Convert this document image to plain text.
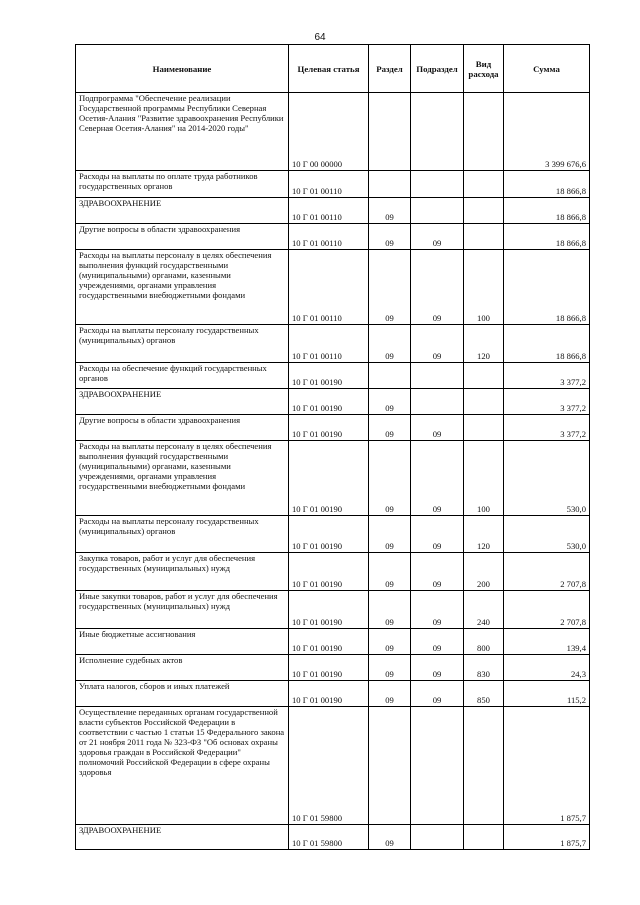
64
Наименование	Целевая статья	Раздел	Подраздел	Вид расхода	Сумма
Подпрограмма "Обеспечение реализации Государственной программы Республики Северная Осетия-Алания "Развитие здравоохранения Республики Северная Осетия-Алания" на 2014-2020 годы"	10 Г 00 00000				3 399 676,6
Расходы на выплаты по оплате труда работников государственных органов	10 Г 01 00110				18 866,8
ЗДРАВООХРАНЕНИЕ	10 Г 01 00110	09			18 866,8
Другие вопросы в области здравоохранения	10 Г 01 00110	09	09		18 866,8
Расходы на выплаты персоналу в целях обеспечения выполнения функций государственными (муниципальными) органами, казенными учреждениями, органами управления государственными внебюджетными фондами	10 Г 01 00110	09	09	100	18 866,8
Расходы на выплаты персоналу государственных (муниципальных) органов	10 Г 01 00110	09	09	120	18 866,8
Расходы на обеспечение функций государственных органов	10 Г 01 00190				3 377,2
ЗДРАВООХРАНЕНИЕ	10 Г 01 00190	09			3 377,2
Другие вопросы в области здравоохранения	10 Г 01 00190	09	09		3 377,2
Расходы на выплаты персоналу в целях обеспечения выполнения функций государственными (муниципальными) органами, казенными учреждениями, органами управления государственными внебюджетными фондами	10 Г 01 00190	09	09	100	530,0
Расходы на выплаты персоналу государственных (муниципальных) органов	10 Г 01 00190	09	09	120	530,0
Закупка товаров, работ и услуг для обеспечения государственных (муниципальных) нужд	10 Г 01 00190	09	09	200	2 707,8
Иные закупки товаров, работ и услуг для обеспечения государственных (муниципальных) нужд	10 Г 01 00190	09	09	240	2 707,8
Иные бюджетные ассигнования	10 Г 01 00190	09	09	800	139,4
Исполнение судебных актов	10 Г 01 00190	09	09	830	24,3
Уплата налогов, сборов и иных платежей	10 Г 01 00190	09	09	850	115,2
Осуществление переданных органам государственной власти субъектов Российской Федерации в соответствии с частью 1 статьи 15 Федерального закона от 21 ноября 2011 года № 323-ФЗ "Об основах охраны здоровья граждан в Российской Федерации" полномочий Российской Федерации в сфере охраны здоровья	10 Г 01 59800				1 875,7
ЗДРАВООХРАНЕНИЕ	10 Г 01 59800	09			1 875,7
